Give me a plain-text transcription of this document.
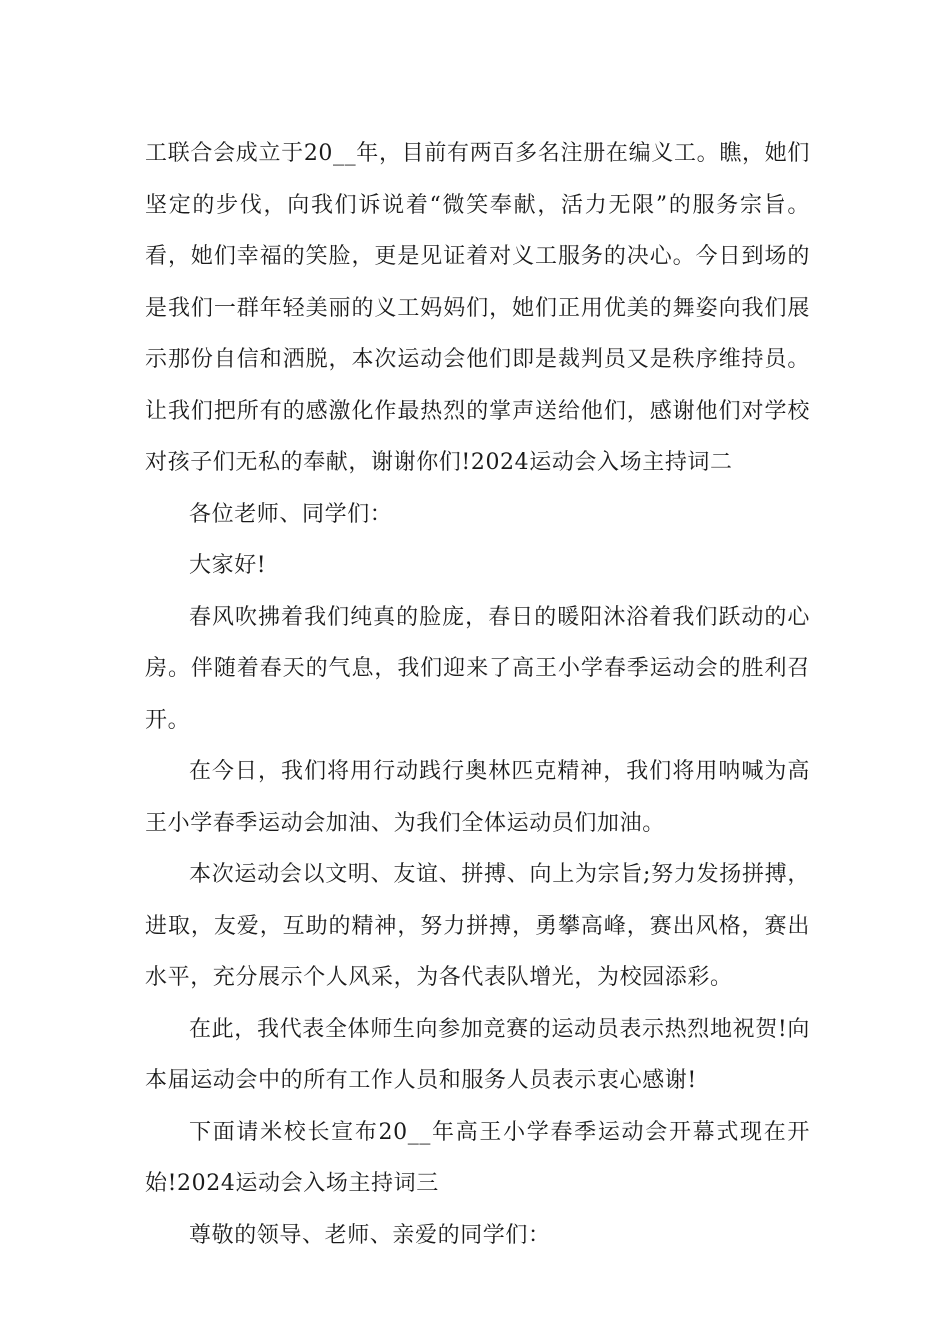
工联合会成立于20__年，目前有两百多名注册在编义工。瞧，她们坚定的步伐，向我们诉说着“微笑奉献，活力无限”的服务宗旨。看，她们幸福的笑脸，更是见证着对义工服务的决心。今日到场的是我们一群年轻美丽的义工妈妈们，她们正用优美的舞姿向我们展示那份自信和洒脱，本次运动会他们即是裁判员又是秩序维持员。让我们把所有的感激化作最热烈的掌声送给他们，感谢他们对学校对孩子们无私的奉献，谢谢你们!2024运动会入场主持词二

各位老师、同学们：

大家好!

春风吹拂着我们纯真的脸庞，春日的暖阳沐浴着我们跃动的心房。伴随着春天的气息，我们迎来了高王小学春季运动会的胜利召开。

在今日，我们将用行动践行奥林匹克精神，我们将用呐喊为高王小学春季运动会加油、为我们全体运动员们加油。

本次运动会以文明、友谊、拼搏、向上为宗旨;努力发扬拼搏，进取，友爱，互助的精神，努力拼搏，勇攀高峰，赛出风格，赛出水平，充分展示个人风采，为各代表队增光，为校园添彩。

在此，我代表全体师生向参加竞赛的运动员表示热烈地祝贺!向本届运动会中的所有工作人员和服务人员表示衷心感谢!

下面请米校长宣布20__年高王小学春季运动会开幕式现在开始!2024运动会入场主持词三

尊敬的领导、老师、亲爱的同学们：
